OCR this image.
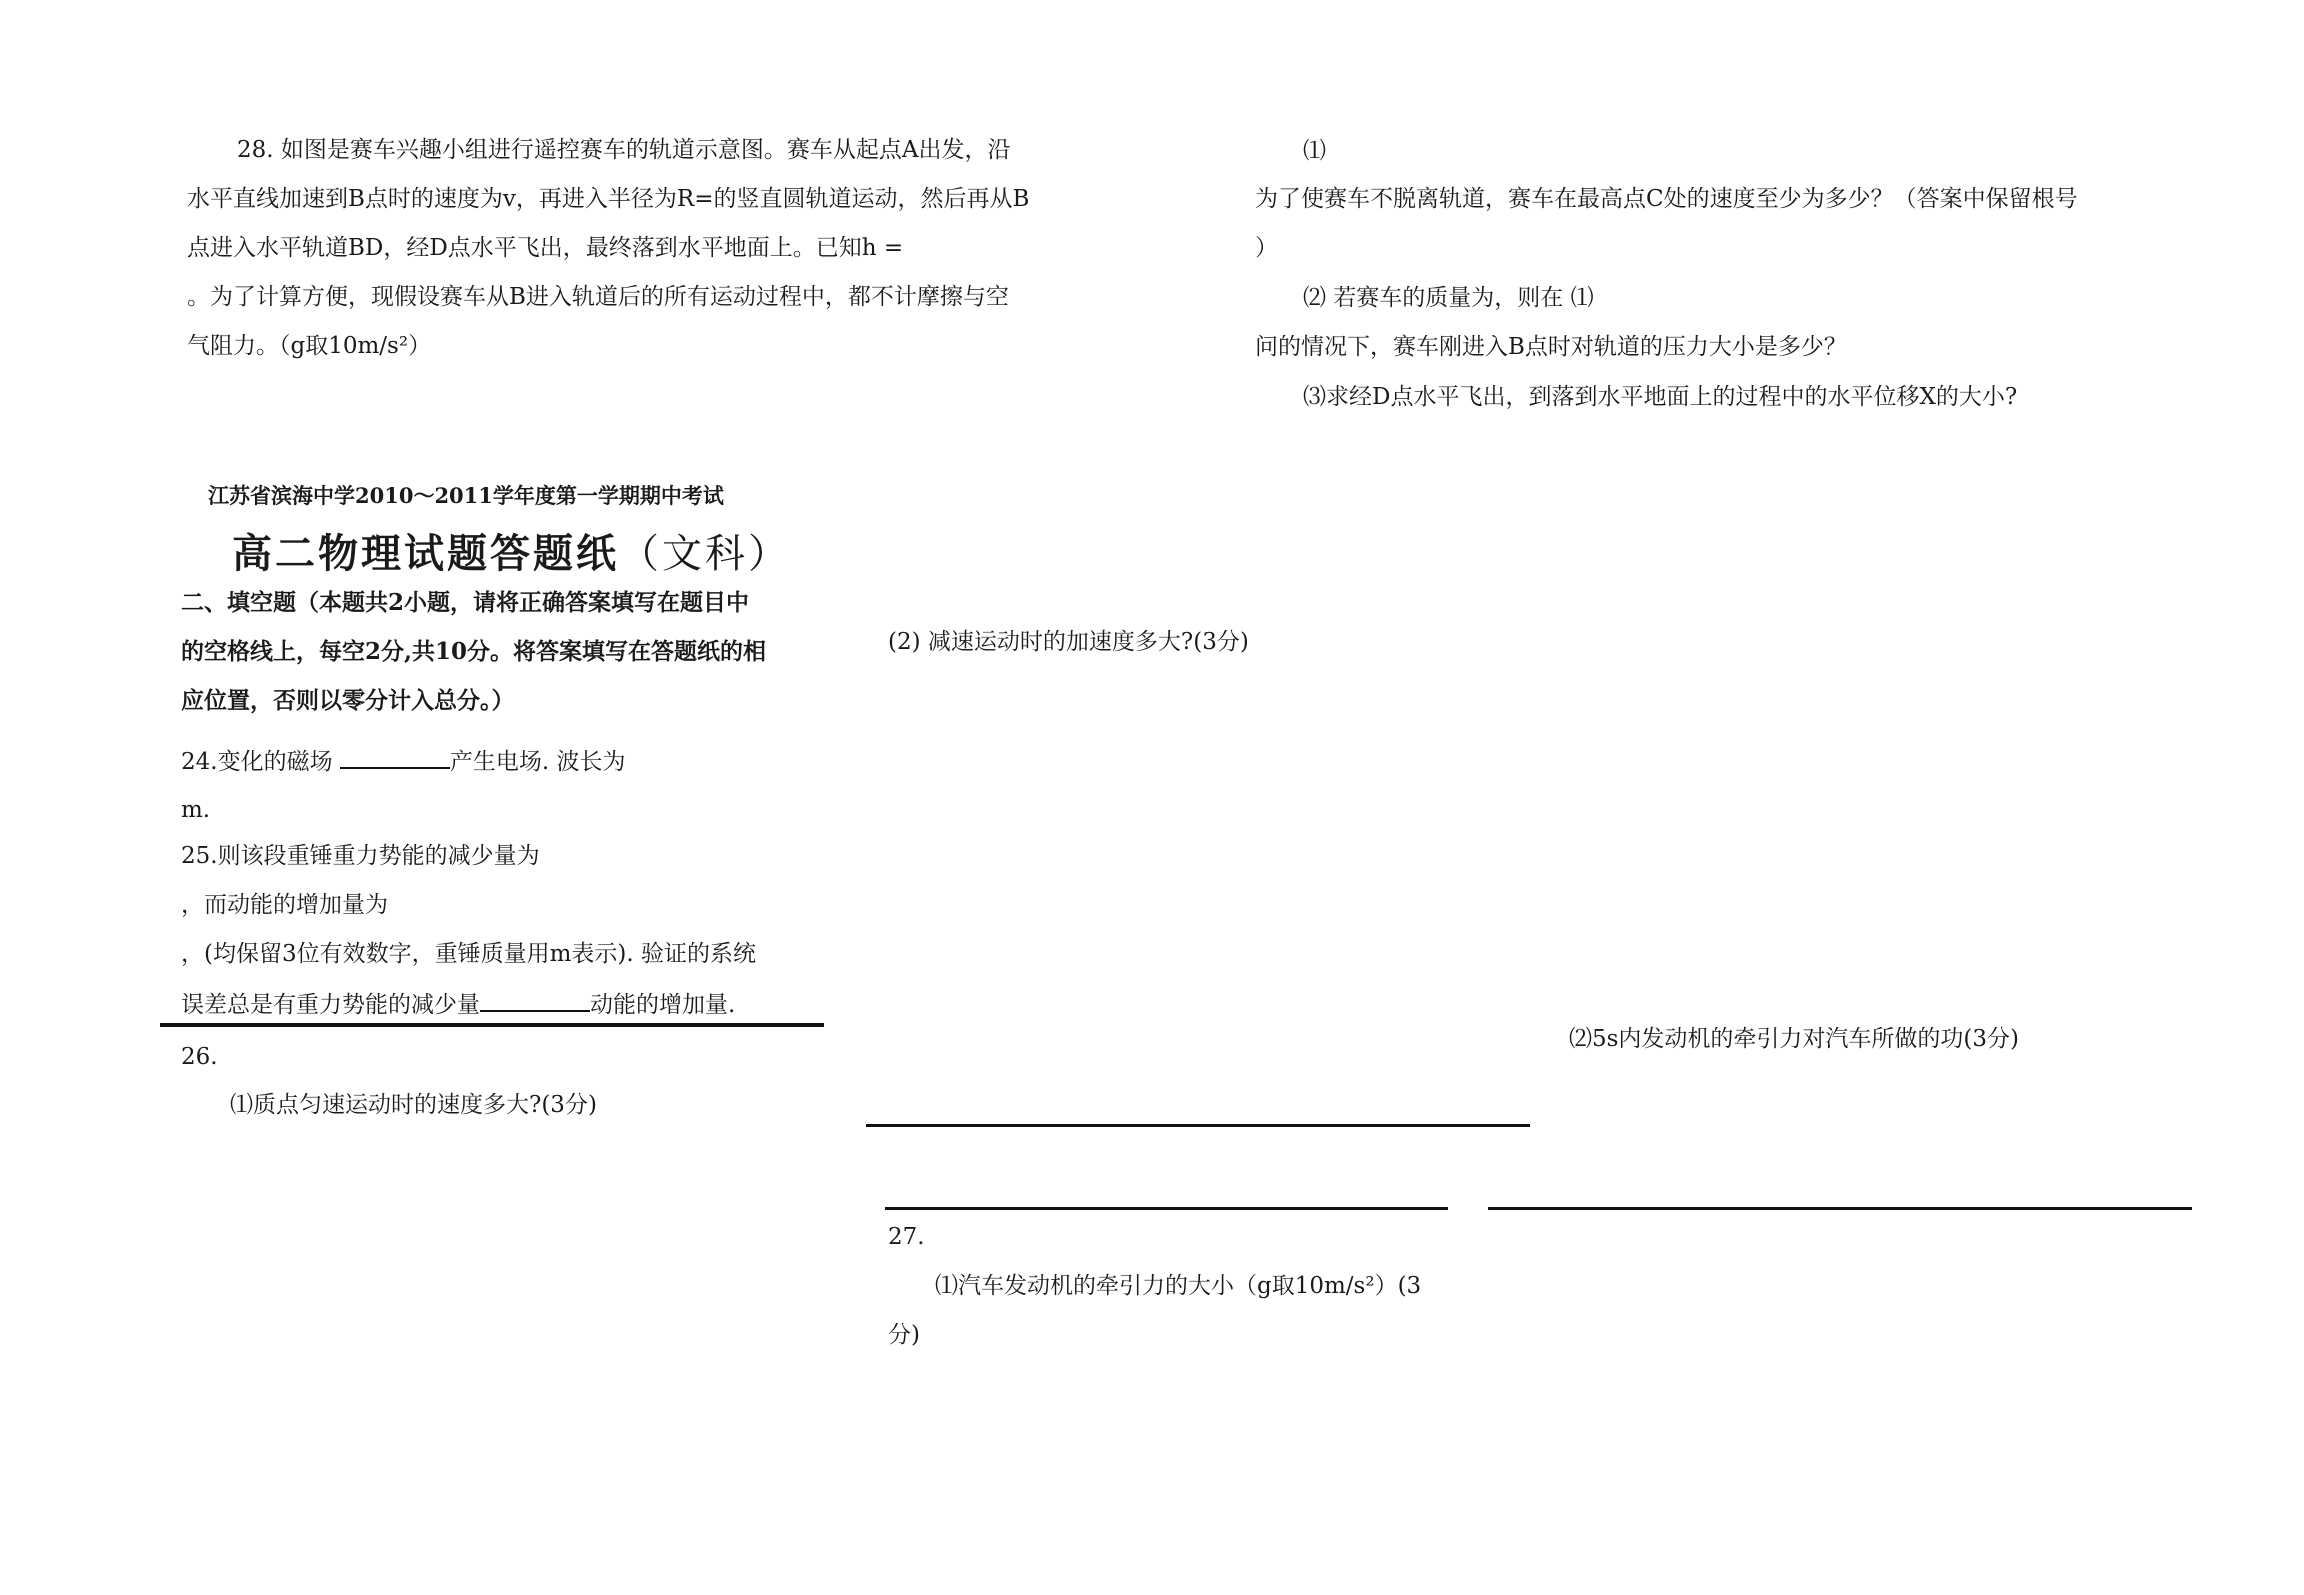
28. 如图是赛车兴趣小组进行遥控赛车的轨道示意图。赛车从起点A出发，沿
水平直线加速到B点时的速度为v，再进入半径为R=的竖直圆轨道运动，然后再从B
点进入水平轨道BD，经D点水平飞出，最终落到水平地面上。已知h =
。为了计算方便，现假设赛车从B进入轨道后的所有运动过程中，都不计摩擦与空
气阻力。（g取10m/s²）
⑴
为了使赛车不脱离轨道，赛车在最高点C处的速度至少为多少？（答案中保留根号
）
⑵ 若赛车的质量为，则在 ⑴
问的情况下，赛车刚进入B点时对轨道的压力大小是多少？
⑶求经D点水平飞出，到落到水平地面上的过程中的水平位移X的大小?
江苏省滨海中学2010～2011学年度第一学期期中考试
高二物理试题答题纸（文科）
二、填空题（本题共2小题，请将正确答案填写在题目中
的空格线上，每空2分,共10分。将答案填写在答题纸的相
应位置，否则以零分计入总分。）
24.变化的磁场	产生电场. 波长为
m.
25.则该段重锤重力势能的减少量为
，而动能的增加量为
，(均保留3位有效数字，重锤质量用m表示). 验证的系统
误差总是有重力势能的减少量	动能的增加量.
26.
⑴质点匀速运动时的速度多大?(3分)
(2) 减速运动时的加速度多大?(3分)
27.
⑴汽车发动机的牵引力的大小（g取10m/s²）(3
分)
⑵5s内发动机的牵引力对汽车所做的功(3分)
